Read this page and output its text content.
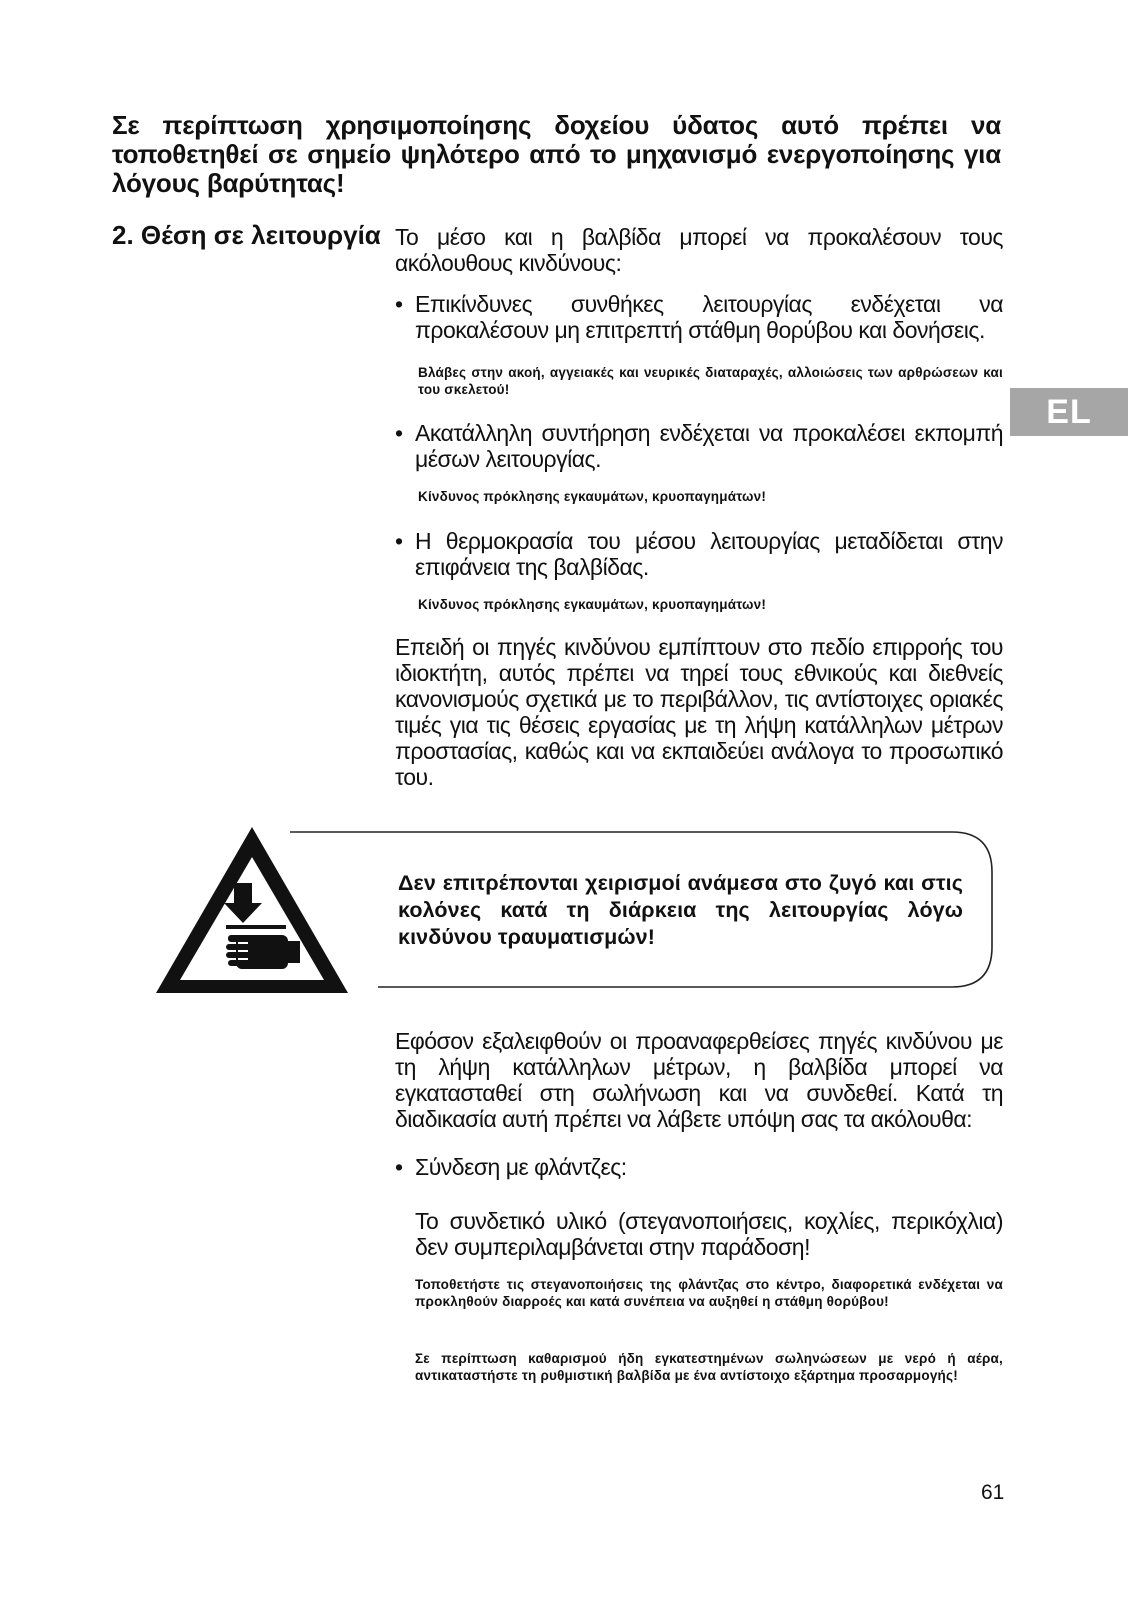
Σε περίπτωση χρησιμοποίησης δοχείου ύδατος αυτό πρέπει να τοποθετηθεί σε σημείο ψηλότερο από το μηχανισμό ενεργοποίησης για λόγους βαρύτητας!
2. Θέση σε λειτουργία Το μέσο και η βαλβίδα μπορεί να προκαλέσουν τους ακόλουθους κινδύνους:
• Επικίνδυνες συνθήκες λειτουργίας ενδέχεται να προκαλέσουν μη επιτρεπτή στάθμη θορύβου και δονήσεις.
Βλάβες στην ακοή, αγγειακές και νευρικές διαταραχές, αλλοιώσεις των αρθρώσεων και του σκελετού!
• Ακατάλληλη συντήρηση ενδέχεται να προκαλέσει εκπομπή μέσων λειτουργίας.
Κίνδυνος πρόκλησης εγκαυμάτων, κρυοπαγημάτων!
• Η θερμοκρασία του μέσου λειτουργίας μεταδίδεται στην επιφάνεια της βαλβίδας.
Κίνδυνος πρόκλησης εγκαυμάτων, κρυοπαγημάτων!
Επειδή οι πηγές κινδύνου εμπίπτουν στο πεδίο επιρροής του ιδιοκτήτη, αυτός πρέπει να τηρεί τους εθνικούς και διεθνείς κανονισμούς σχετικά με το περιβάλλον, τις αντίστοιχες οριακές τιμές για τις θέσεις εργασίας με τη λήψη κατάλληλων μέτρων προστασίας, καθώς και να εκπαιδεύει ανάλογα το προσωπικό του.
Δεν επιτρέπονται χειρισμοί ανάμεσα στο ζυγό και στις κολόνες κατά τη διάρκεια της λειτουργίας λόγω κινδύνου τραυματισμών!
Εφόσον εξαλειφθούν οι προαναφερθείσες πηγές κινδύνου με τη λήψη κατάλληλων μέτρων, η βαλβίδα μπορεί να εγκατασταθεί στη σωλήνωση και να συνδεθεί. Κατά τη διαδικασία αυτή πρέπει να λάβετε υπόψη σας τα ακόλουθα:
• Σύνδεση με φλάντζες:
Το συνδετικό υλικό (στεγανοποιήσεις, κοχλίες, περικόχλια) δεν συμπεριλαμβάνεται στην παράδοση!
Τοποθετήστε τις στεγανοποιήσεις της φλάντζας στο κέντρο, διαφορετικά ενδέχεται να προκληθούν διαρροές και κατά συνέπεια να αυξηθεί η στάθμη θορύβου!
Σε περίπτωση καθαρισμού ήδη εγκατεστημένων σωληνώσεων με νερό ή αέρα, αντικαταστήστε τη ρυθμιστική βαλβίδα με ένα αντίστοιχο εξάρτημα προσαρμογής!
EL
61
